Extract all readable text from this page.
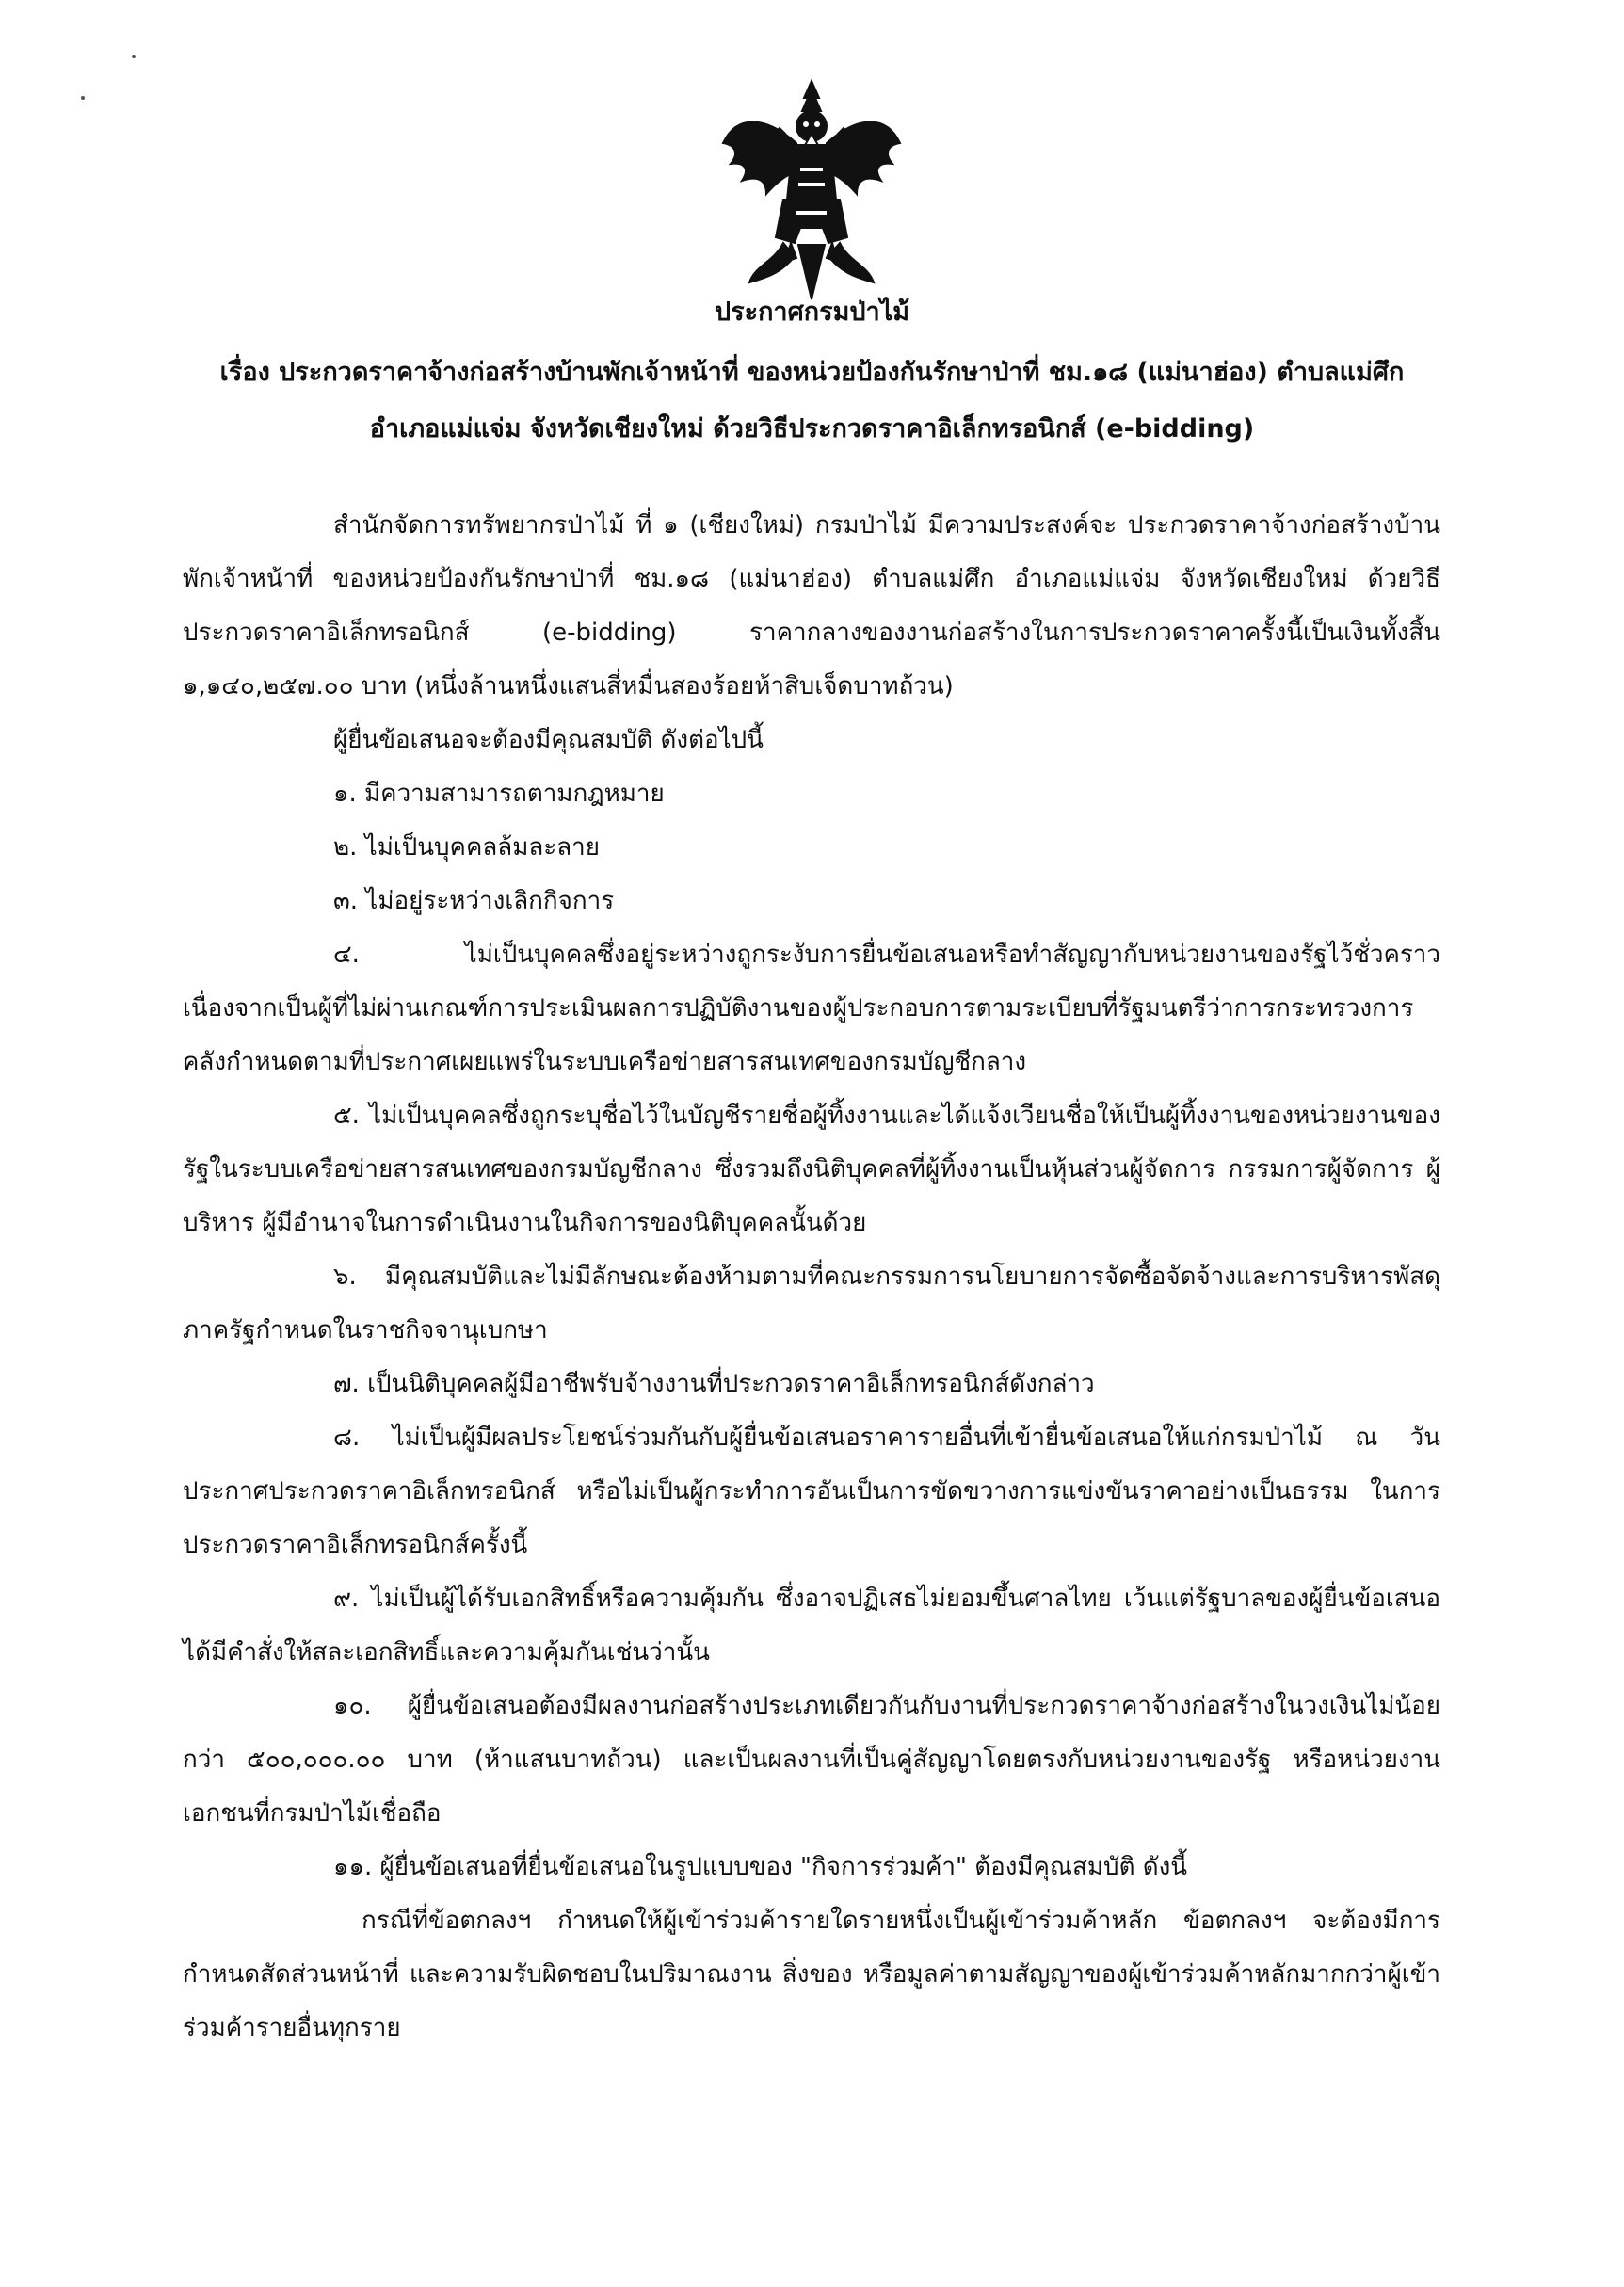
ประกาศกรมป่าไม้
เรื่อง ประกวดราคาจ้างก่อสร้างบ้านพักเจ้าหน้าที่ ของหน่วยป้องกันรักษาป่าที่ ชม.๑๘ (แม่นาฮ่อง) ตำบลแม่ศึก
อำเภอแม่แจ่ม จังหวัดเชียงใหม่ ด้วยวิธีประกวดราคาอิเล็กทรอนิกส์ (e-bidding)
สำนักจัดการทรัพยากรป่าไม้ ที่ ๑ (เชียงใหม่) กรมป่าไม้ มีความประสงค์จะ ประกวดราคาจ้างก่อสร้างบ้านพักเจ้าหน้าที่ ของหน่วยป้องกันรักษาป่าที่ ชม.๑๘ (แม่นาฮ่อง) ตำบลแม่ศึก อำเภอแม่แจ่ม จังหวัดเชียงใหม่ ด้วยวิธีประกวดราคาอิเล็กทรอนิกส์ (e-bidding) ราคากลางของงานก่อสร้างในการประกวดราคาครั้งนี้เป็นเงินทั้งสิ้น ๑,๑๔๐,๒๕๗.๐๐ บาท (หนึ่งล้านหนึ่งแสนสี่หมื่นสองร้อยห้าสิบเจ็ดบาทถ้วน)
ผู้ยื่นข้อเสนอจะต้องมีคุณสมบัติ ดังต่อไปนี้
๑. มีความสามารถตามกฎหมาย
๒. ไม่เป็นบุคคลล้มละลาย
๓. ไม่อยู่ระหว่างเลิกกิจการ
๔. ไม่เป็นบุคคลซึ่งอยู่ระหว่างถูกระงับการยื่นข้อเสนอหรือทำสัญญากับหน่วยงานของรัฐไว้ชั่วคราว เนื่องจากเป็นผู้ที่ไม่ผ่านเกณฑ์การประเมินผลการปฏิบัติงานของผู้ประกอบการตามระเบียบที่รัฐมนตรีว่าการกระทรวงการคลังกำหนดตามที่ประกาศเผยแพร่ในระบบเครือข่ายสารสนเทศของกรมบัญชีกลาง
๕. ไม่เป็นบุคคลซึ่งถูกระบุชื่อไว้ในบัญชีรายชื่อผู้ทิ้งงานและได้แจ้งเวียนชื่อให้เป็นผู้ทิ้งงานของหน่วยงานของรัฐในระบบเครือข่ายสารสนเทศของกรมบัญชีกลาง ซึ่งรวมถึงนิติบุคคลที่ผู้ทิ้งงานเป็นหุ้นส่วนผู้จัดการ กรรมการผู้จัดการ ผู้บริหาร ผู้มีอำนาจในการดำเนินงานในกิจการของนิติบุคคลนั้นด้วย
๖. มีคุณสมบัติและไม่มีลักษณะต้องห้ามตามที่คณะกรรมการนโยบายการจัดซื้อจัดจ้างและการบริหารพัสดุภาครัฐกำหนดในราชกิจจานุเบกษา
๗. เป็นนิติบุคคลผู้มีอาชีพรับจ้างงานที่ประกวดราคาอิเล็กทรอนิกส์ดังกล่าว
๘. ไม่เป็นผู้มีผลประโยชน์ร่วมกันกับผู้ยื่นข้อเสนอราคารายอื่นที่เข้ายื่นข้อเสนอให้แก่กรมป่าไม้ ณ วันประกาศประกวดราคาอิเล็กทรอนิกส์ หรือไม่เป็นผู้กระทำการอันเป็นการขัดขวางการแข่งขันราคาอย่างเป็นธรรม ในการประกวดราคาอิเล็กทรอนิกส์ครั้งนี้
๙. ไม่เป็นผู้ได้รับเอกสิทธิ์หรือความคุ้มกัน ซึ่งอาจปฏิเสธไม่ยอมขึ้นศาลไทย เว้นแต่รัฐบาลของผู้ยื่นข้อเสนอได้มีคำสั่งให้สละเอกสิทธิ์และความคุ้มกันเช่นว่านั้น
๑๐. ผู้ยื่นข้อเสนอต้องมีผลงานก่อสร้างประเภทเดียวกันกับงานที่ประกวดราคาจ้างก่อสร้างในวงเงินไม่น้อยกว่า ๕๐๐,๐๐๐.๐๐ บาท (ห้าแสนบาทถ้วน) และเป็นผลงานที่เป็นคู่สัญญาโดยตรงกับหน่วยงานของรัฐ หรือหน่วยงานเอกชนที่กรมป่าไม้เชื่อถือ
๑๑. ผู้ยื่นข้อเสนอที่ยื่นข้อเสนอในรูปแบบของ "กิจการร่วมค้า" ต้องมีคุณสมบัติ ดังนี้
กรณีที่ข้อตกลงฯ กำหนดให้ผู้เข้าร่วมค้ารายใดรายหนึ่งเป็นผู้เข้าร่วมค้าหลัก ข้อตกลงฯ จะต้องมีการกำหนดสัดส่วนหน้าที่ และความรับผิดชอบในปริมาณงาน สิ่งของ หรือมูลค่าตามสัญญาของผู้เข้าร่วมค้าหลักมากกว่าผู้เข้าร่วมค้ารายอื่นทุกราย
